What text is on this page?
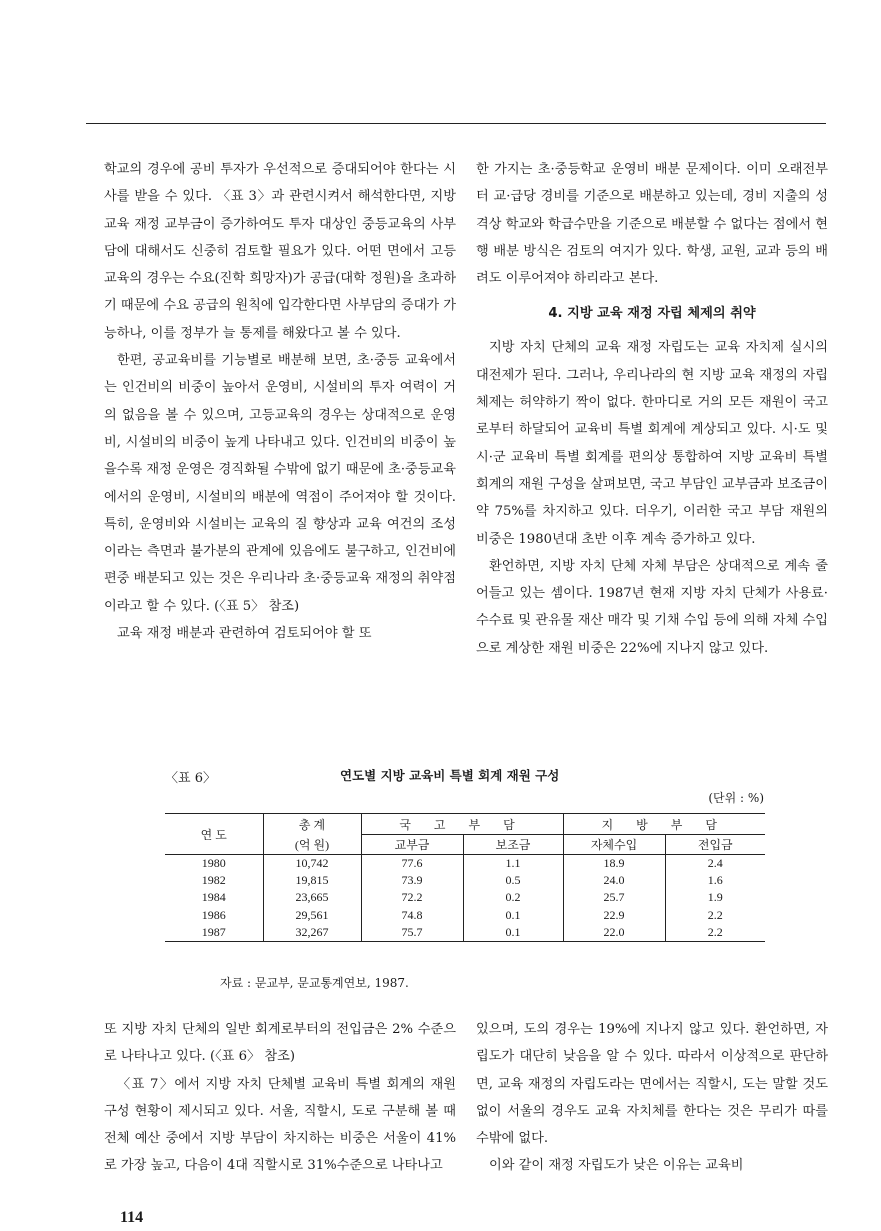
학교의 경우에 공비 투자가 우선적으로 증대되어야 한다는 시사를 받을 수 있다. 〈표 3〉과 관련시켜서 해석한다면, 지방 교육 재정 교부금이 증가하여도 투자 대상인 중등교육의 사부담에 대해서도 신중히 검토할 필요가 있다. 어떤 면에서 고등교육의 경우는 수요(진학 희망자)가 공급(대학 정원)을 초과하기 때문에 수요 공급의 원칙에 입각한다면 사부담의 증대가 가능하나, 이를 정부가 늘 통제를 해왔다고 볼 수 있다.

한편, 공교육비를 기능별로 배분해 보면, 초·중등 교육에서는 인건비의 비중이 높아서 운영비, 시설비의 투자 여력이 거의 없음을 볼 수 있으며, 고등교육의 경우는 상대적으로 운영비, 시설비의 비중이 높게 나타내고 있다. 인건비의 비중이 높을수록 재정 운영은 경직화될 수밖에 없기 때문에 초·중등교육에서의 운영비, 시설비의 배분에 역점이 주어져야 할 것이다. 특히, 운영비와 시설비는 교육의 질 향상과 교육 여건의 조성이라는 측면과 불가분의 관계에 있음에도 불구하고, 인건비에 편중 배분되고 있는 것은 우리나라 초·중등교육 재정의 취약점이라고 할 수 있다. (〈표 5〉 참조)

교육 재정 배분과 관련하여 검토되어야 할 또

한 가지는 초·중등학교 운영비 배분 문제이다. 이미 오래전부터 교·급당 경비를 기준으로 배분하고 있는데, 경비 지출의 성격상 학교와 학급수만을 기준으로 배분할 수 없다는 점에서 현행 배분 방식은 검토의 여지가 있다. 학생, 교원, 교과 등의 배려도 이루어져야 하리라고 본다.

4. 지방 교육 재정 자립 체제의 취약

지방 자치 단체의 교육 재정 자립도는 교육 자치제 실시의 대전제가 된다. 그러나, 우리나라의 현 지방 교육 재정의 자립 체제는 허약하기 짝이 없다. 한마디로 거의 모든 재원이 국고로부터 하달되어 교육비 특별 회계에 계상되고 있다. 시·도 및 시·군 교육비 특별 회계를 편의상 통합하여 지방 교육비 특별 회계의 재원 구성을 살펴보면, 국고 부담인 교부금과 보조금이 약 75%를 차지하고 있다. 더우기, 이러한 국고 부담 재원의 비중은 1980년대 초반 이후 계속 증가하고 있다.

환언하면, 지방 자치 단체 자체 부담은 상대적으로 계속 줄어들고 있는 셈이다. 1987년 현재 지방 자치 단체가 사용료·수수료 및 관유물 재산 매각 및 기채 수입 등에 의해 자체 수입으로 계상한 재원 비중은 22%에 지나지 않고 있다.

〈표 6〉	연도별 지방 교육비 특별 회계 재원 구성
(단위 : %)
연 도	총 계	국 고 부 담		지 방 부 담	
	(억 원)	교부금	보조금	자체수입	전입금
1980	10,742	77.6	1.1	18.9	2.4
1982	19,815	73.9	0.5	24.0	1.6
1984	23,665	72.2	0.2	25.7	1.9
1986	29,561	74.8	0.1	22.9	2.2
1987	32,267	75.7	0.1	22.0	2.2
자료 : 문교부, 문교통계연보, 1987.

또 지방 자치 단체의 일반 회계로부터의 전입금은 2% 수준으로 나타나고 있다. (〈표 6〉 참조)

〈표 7〉에서 지방 자치 단체별 교육비 특별 회계의 재원 구성 현황이 제시되고 있다. 서울, 직할시, 도로 구분해 볼 때 전체 예산 중에서 지방 부담이 차지하는 비중은 서울이 41%로 가장 높고, 다음이 4대 직할시로 31%수준으로 나타나고

있으며, 도의 경우는 19%에 지나지 않고 있다. 환언하면, 자립도가 대단히 낮음을 알 수 있다. 따라서 이상적으로 판단하면, 교육 재정의 자립도라는 면에서는 직할시, 도는 말할 것도 없이 서울의 경우도 교육 자치체를 한다는 것은 무리가 따를 수밖에 없다.

이와 같이 재정 자립도가 낮은 이유는 교육비

114
